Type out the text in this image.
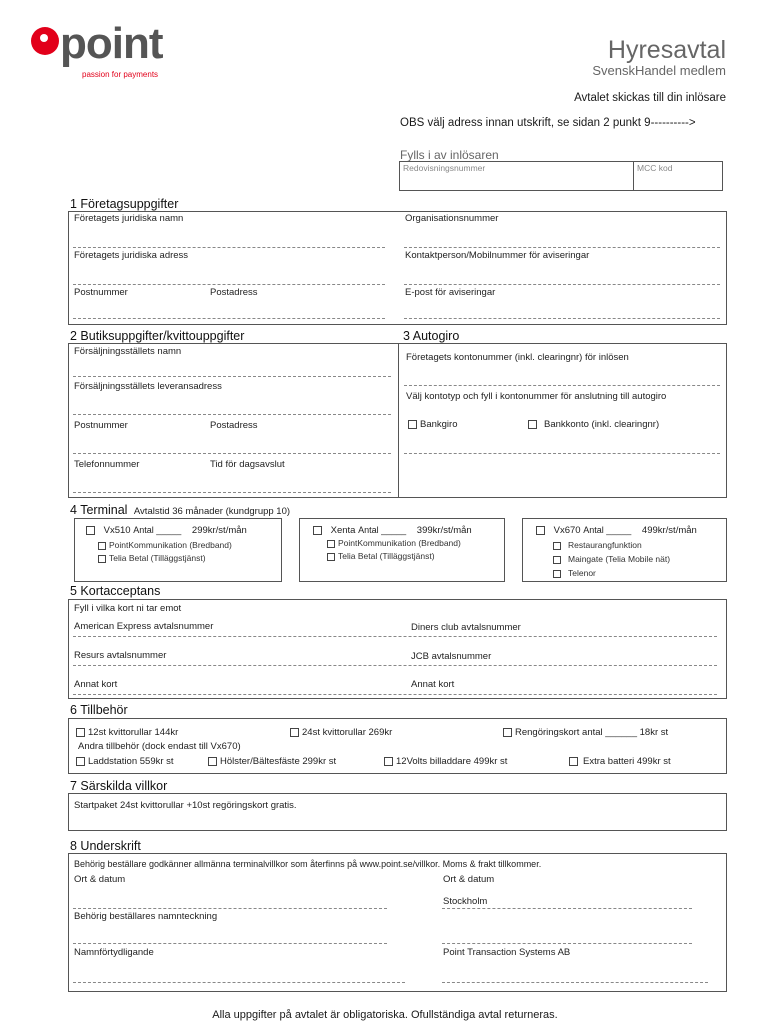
point
passion for payments
Hyresavtal
SvenskHandel medlem
Avtalet skickas till din inlösare
OBS välj adress innan utskrift, se sidan 2 punkt 9---------->
Fylls i av inlösaren
Redovisningsnummer	MCC kod
1 Företagsuppgifter
Företagets juridiska namn	Organisationsnummer
Företagets juridiska adress	Kontaktperson/Mobilnummer för aviseringar
Postnummer	Postadress	E-post för aviseringar
2 Butiksuppgifter/kvittouppgifter	3 Autogiro
Försäljningsställets namn
Försäljningsställets leveransadress
Postnummer	Postadress
Telefonnummer	Tid för dagsavslut
Företagets kontonummer (inkl. clearingnr) för inlösen
Välj kontotyp och fyll i kontonummer för anslutning till autogiro
Bankgiro	Bankkonto (inkl. clearingnr)
4 Terminal Avtalstid 36 månader (kundgrupp 10)
Vx510 Antal _____ 299kr/st/mån
PointKommunikation (Bredband)
Telia Betal (Tilläggstjänst)
Xenta Antal _____ 399kr/st/mån
PointKommunikation (Bredband)
Telia Betal (Tilläggstjänst)
Vx670 Antal _____ 499kr/st/mån
Restaurangfunktion
Maingate (Telia Mobile nät)
Telenor
5 Kortacceptans
Fyll i vilka kort ni tar emot
American Express avtalsnummer	Diners club avtalsnummer
Resurs avtalsnummer	JCB avtalsnummer
Annat kort	Annat kort
6 Tillbehör
12st kvittorullar 144kr	24st kvittorullar 269kr	Rengöringskort antal ______ 18kr st
Andra tillbehör (dock endast till Vx670)
Laddstation 559kr st	Hölster/Bältesfäste 299kr st	12Volts billaddare 499kr st	Extra batteri 499kr st
7 Särskilda villkor
Startpaket 24st kvittorullar +10st regöringskort gratis.
8 Underskrift
Behörig beställare godkänner allmänna terminalvillkor som återfinns på www.point.se/villkor. Moms & frakt tillkommer.
Ort & datum	Ort & datum
Stockholm
Behörig beställares namnteckning
Namnförtydligande	Point Transaction Systems AB
Alla uppgifter på avtalet är obligatoriska. Ofullständiga avtal returneras.
